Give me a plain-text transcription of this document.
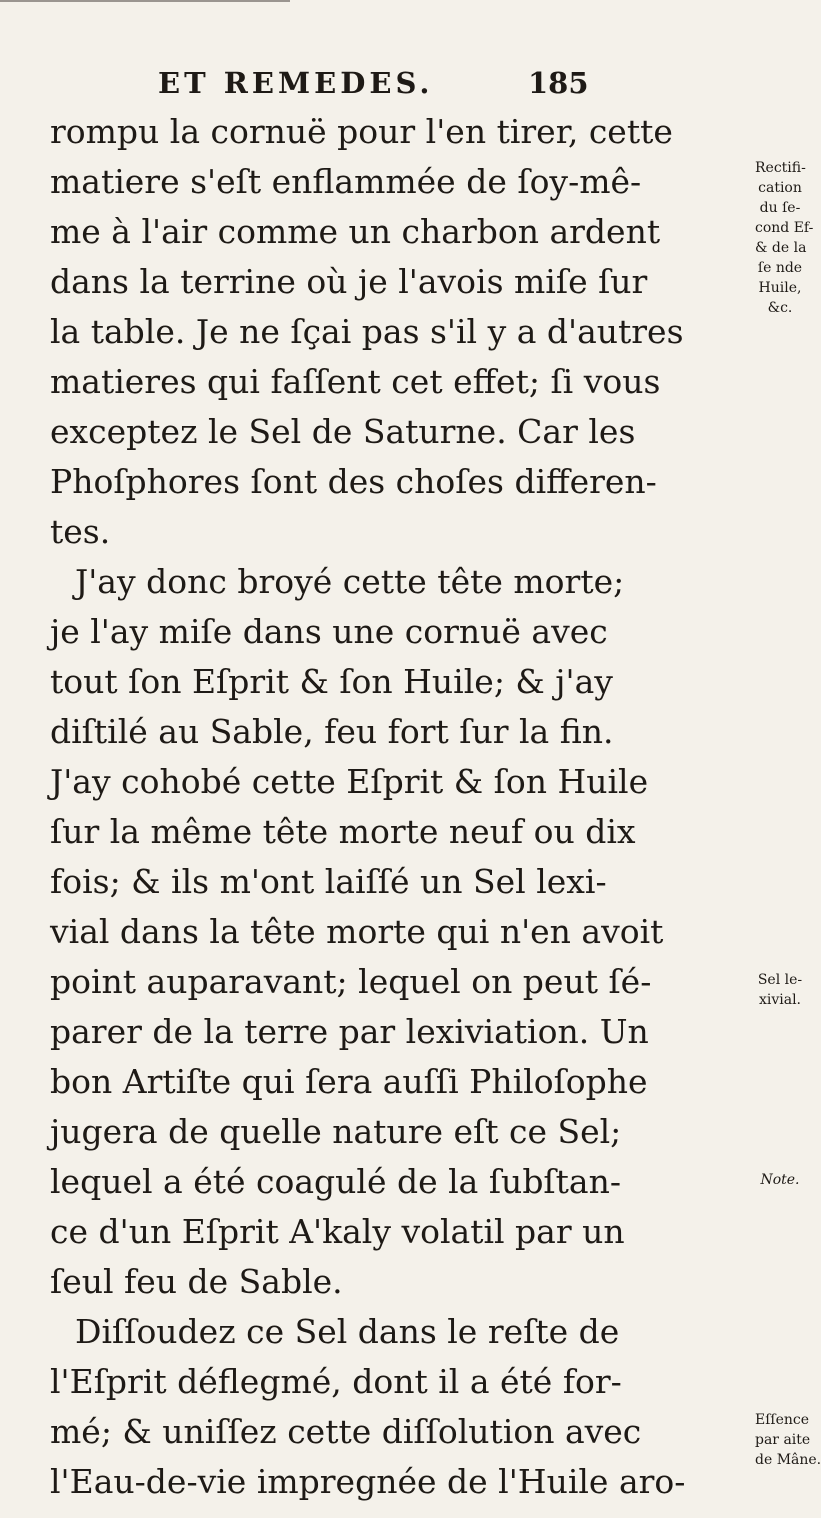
ET REMEDES.	185
rompu la cornuë pour l'en tirer, cette
matiere s'eſt enflammée de ſoy-mê-
me à l'air comme un charbon ardent
dans la terrine où je l'avois miſe ſur
la table. Je ne ſçai pas s'il y a d'autres
matieres qui faſſent cet effet; ſi vous
exceptez le Sel de Saturne. Car les
Phoſphores ſont des choſes differen-
tes.
J'ay donc broyé cette tête morte;
je l'ay miſe dans une cornuë avec
tout ſon Eſprit & ſon Huile; & j'ay
diſtilé au Sable, feu fort ſur la fin.
J'ay cohobé cette Eſprit & ſon Huile
ſur la même tête morte neuf ou dix
fois; & ils m'ont laiſſé un Sel lexi-
vial dans la tête morte qui n'en avoit
point auparavant; lequel on peut ſé-
parer de la terre par lexiviation. Un
bon Artiſte qui ſera auſſi Philoſophe
jugera de quelle nature eſt ce Sel;
lequel a été coagulé de la ſubſtan-
ce d'un Eſprit A'kaly volatil par un
ſeul feu de Sable.
Diſſoudez ce Sel dans le reſte de
l'Eſprit déflegmé, dont il a été for-
mé; & uniſſez cette diſſolution avec
l'Eau-de-vie impregnée de l'Huile aro-
Rectifi-
cation
du ſe-
cond Ef-
& de la
ſe nde
Huile,
&c.
Sel le-
xivial.
Note.
Eſſence
par aite
de Mâne.
